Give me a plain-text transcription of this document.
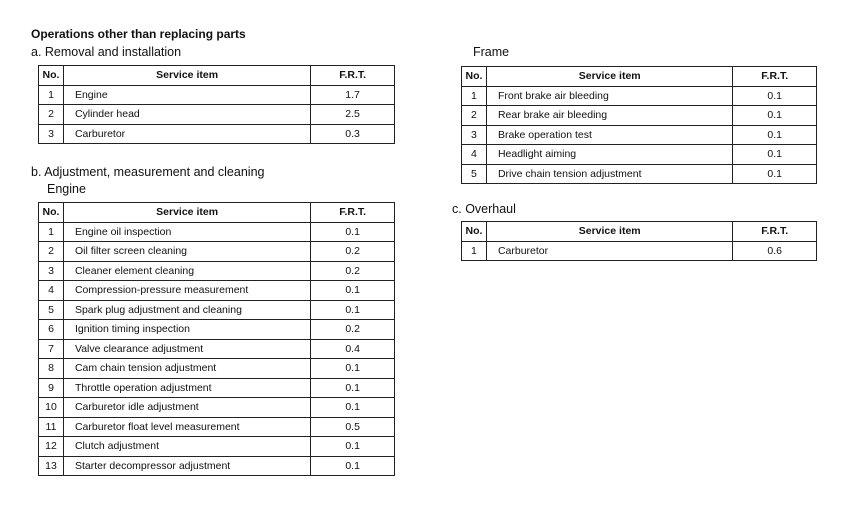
Operations other than replacing parts
a. Removal and installation
No.	Service item	F.R.T.
1	Engine	1.7
2	Cylinder head	2.5
3	Carburetor	0.3
b. Adjustment, measurement and cleaning
Engine
No.	Service item	F.R.T.
1	Engine oil inspection	0.1
2	Oil filter screen cleaning	0.2
3	Cleaner element cleaning	0.2
4	Compression-pressure measurement	0.1
5	Spark plug adjustment and cleaning	0.1
6	Ignition timing inspection	0.2
7	Valve clearance adjustment	0.4
8	Cam chain tension adjustment	0.1
9	Throttle operation adjustment	0.1
10	Carburetor idle adjustment	0.1
11	Carburetor float level measurement	0.5
12	Clutch adjustment	0.1
13	Starter decompressor adjustment	0.1
Frame
No.	Service item	F.R.T.
1	Front brake air bleeding	0.1
2	Rear brake air bleeding	0.1
3	Brake operation test	0.1
4	Headlight aiming	0.1
5	Drive chain tension adjustment	0.1
c. Overhaul
No.	Service item	F.R.T.
1	Carburetor	0.6
